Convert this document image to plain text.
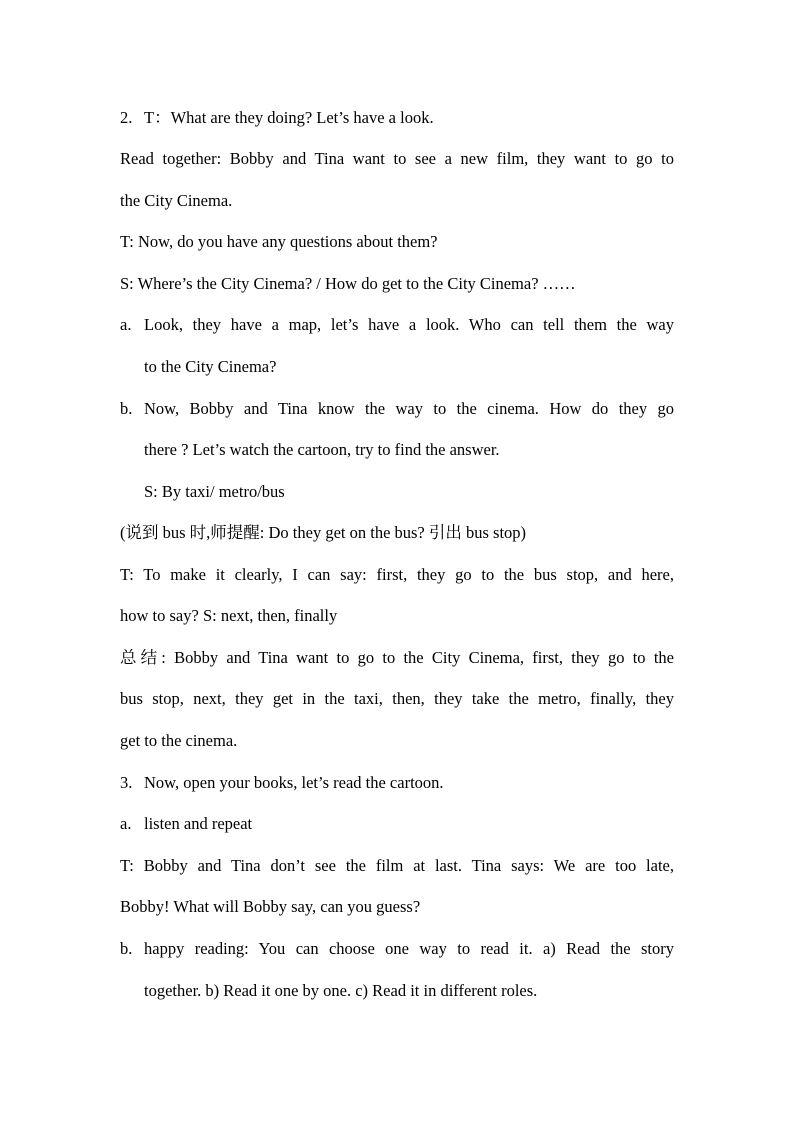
2. T：What are they doing? Let’s have a look.
Read together: Bobby and Tina want to see a new film, they want to go to
the City Cinema.
T: Now, do you have any questions about them?
S: Where’s the City Cinema? / How do get to the City Cinema? ……
a. Look, they have a map, let’s have a look. Who can tell them the way
to the City Cinema?
b. Now, Bobby and Tina know the way to the cinema. How do they go
there ? Let’s watch the cartoon, try to find the answer.
S: By taxi/ metro/bus
(说到 bus 时,师提醒: Do they get on the bus? 引出 bus stop)
T: To make it clearly, I can say: first, they go to the bus stop, and here,
how to say? S: next, then, finally
总结: Bobby and Tina want to go to the City Cinema, first, they go to the
bus stop, next, they get in the taxi, then, they take the metro, finally, they
get to the cinema.
3. Now, open your books, let’s read the cartoon.
a. listen and repeat
T: Bobby and Tina don’t see the film at last. Tina says: We are too late,
Bobby! What will Bobby say, can you guess?
b. happy reading: You can choose one way to read it. a) Read the story
together. b) Read it one by one. c) Read it in different roles.
